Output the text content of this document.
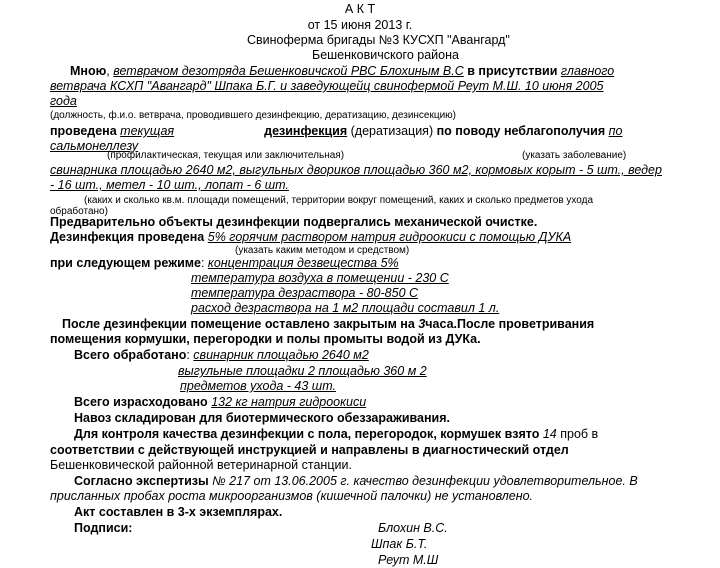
А К Т
от 15 июня 2013 г.
Свиноферма бригады №3 КУСХП "Авангард"
Бешенковичского района
Мною, ветврачом дезотряда Бешенковичской РВС Блохиным В.С в присутствии главного
ветврача КСХП "Авангард" Шпака Б.Г. и заведующейц свинофермой Реут М.Ш. 10 июня 2005
года
(должность, ф.и.о. ветврача, проводившего дезинфекцию, дератизацию, дезинсекцию)
проведена текущая	дезинфекция (дератизация) по поводу неблагополучия по
сальмонеллезу
(профилактическая, текущая или заключительная)	(указать заболевание)
свинарника площадью 2640 м2, выгульных двориков площадью 360 м2, кормовых корыт - 5 шт., ведер
- 16 шт., метел - 10 шт., лопат - 6 шт.
(каких и сколько кв.м. площади помещений, территории вокруг помещений, каких и сколько предметов ухода
обработано)
Предварительно объекты дезинфекции подвергались механической очистке.
Дезинфекция проведена 5% горячим раствором натрия гидроокиси с помощью ДУКА
(указать каким методом и средством)
при следующем режиме: концентрация дезвещества 5%
температура воздуха в помещении - 230 С
температура дезраствора - 80-850 С
расход дезраствора на 1 м2 площади составил 1 л.
После дезинфекции помещение оставлено закрытым на 3часа.После проветривания
помещения кормушки, перегородки и полы промыты водой из ДУКа.
Всего обработано: свинарник площадью 2640 м2
выгульные площадки 2 площадью 360 м 2
предметов ухода - 43 шт.
Всего израсходовано 132 кг натрия гидроокиси
Навоз складирован для биотермического обеззараживания.
Для контроля качества дезинфекции с пола, перегородок, кормушек взято 14 проб в
соответствии с действующей инструкцией и направлены в диагностический отдел
Бешенковической районной ветеринарной станции.
Согласно экспертизы № 217 от 13.06.2005 г. качество дезинфекции удовлетворительное. В
присланных пробах роста микроорганизмов (кишечной палочки) не установлено.
Акт составлен в 3-х экземплярах.
Подписи:	Блохин В.С.
Шпак Б.Т.
Реут М.Ш
